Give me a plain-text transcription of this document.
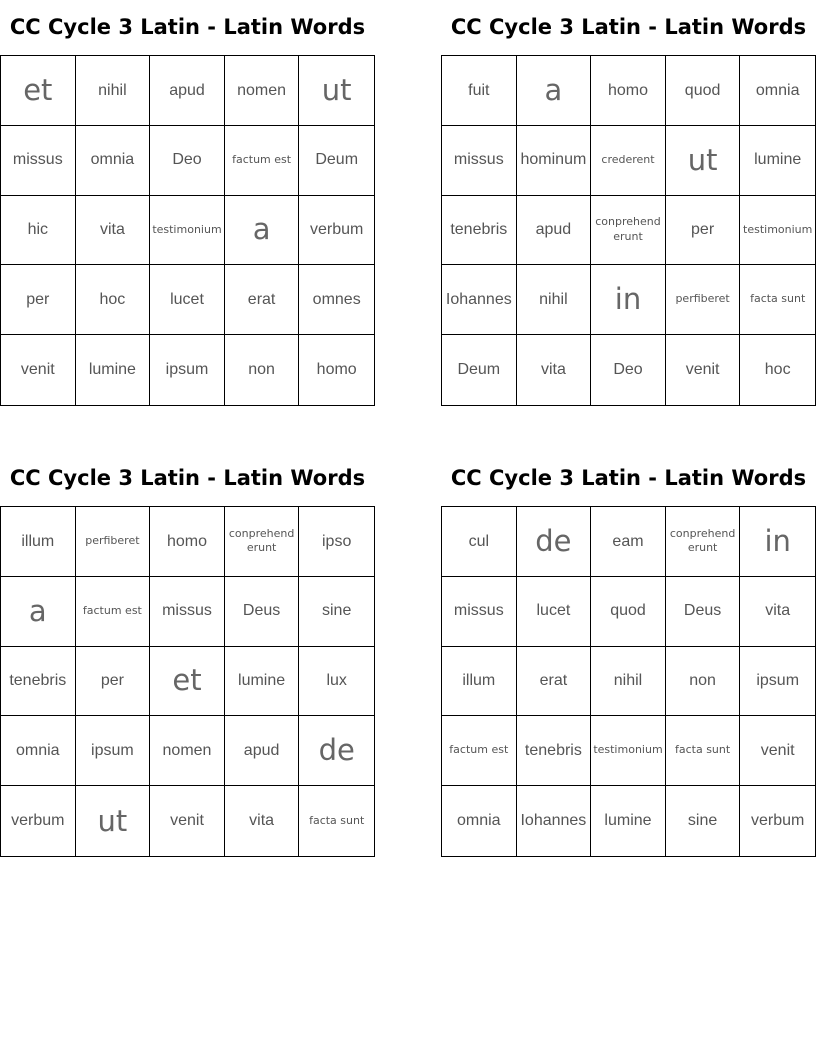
CC Cycle 3 Latin - Latin Words
et	nihil	apud	nomen	ut
missus	omnia	Deo	factum est	Deum
hic	vita	testimonium	a	verbum
per	hoc	lucet	erat	omnes
venit	lumine	ipsum	non	homo
CC Cycle 3 Latin - Latin Words
fuit	a	homo	quod	omnia
missus	hominum	crederent	ut	lumine
tenebris	apud	conprehenderunt	per	testimonium
Iohannes	nihil	in	perfiberet	facta sunt
Deum	vita	Deo	venit	hoc
CC Cycle 3 Latin - Latin Words
illum	perfiberet	homo	conprehenderunt	ipso
a	factum est	missus	Deus	sine
tenebris	per	et	lumine	lux
omnia	ipsum	nomen	apud	de
verbum	ut	venit	vita	facta sunt
CC Cycle 3 Latin - Latin Words
cul	de	eam	conprehenderunt	in
missus	lucet	quod	Deus	vita
illum	erat	nihil	non	ipsum
factum est	tenebris	testimonium	facta sunt	venit
omnia	Iohannes	lumine	sine	verbum
